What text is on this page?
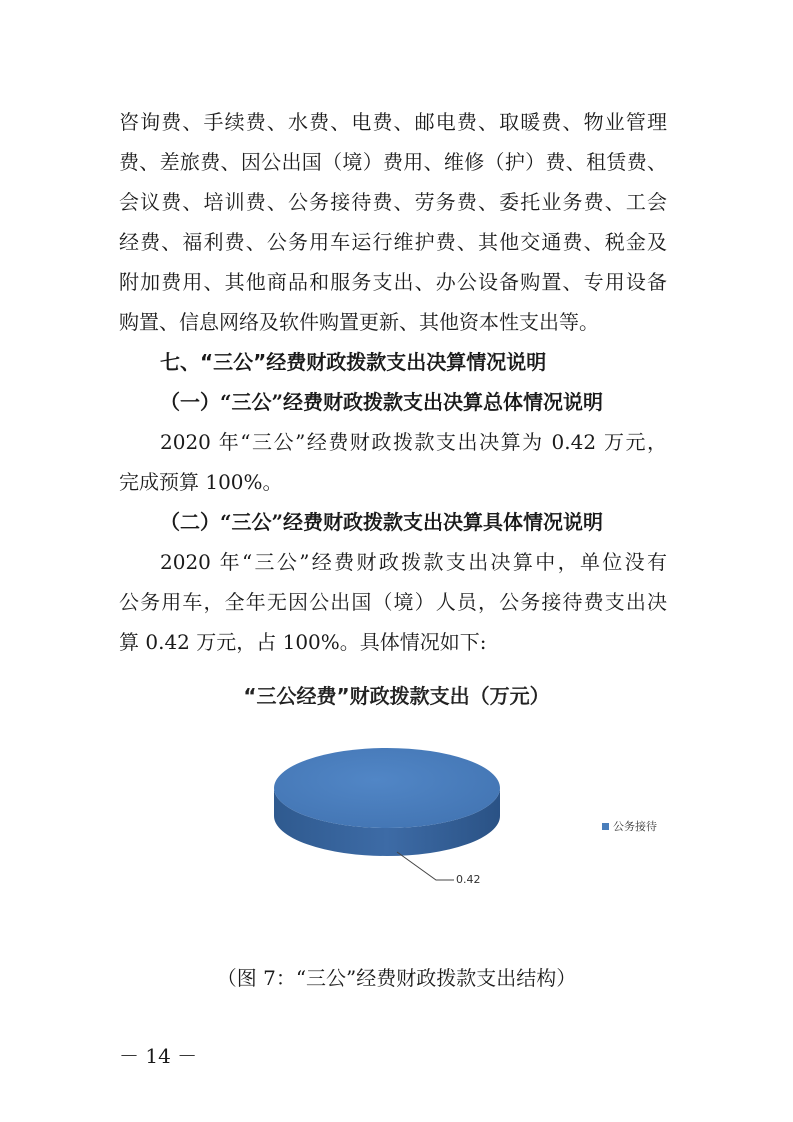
咨询费、手续费、水费、电费、邮电费、取暖费、物业管理
费、差旅费、因公出国（境）费用、维修（护）费、租赁费、
会议费、培训费、公务接待费、劳务费、委托业务费、工会
经费、福利费、公务用车运行维护费、其他交通费、税金及
附加费用、其他商品和服务支出、办公设备购置、专用设备
购置、信息网络及软件购置更新、其他资本性支出等。
七、“三公”经费财政拨款支出决算情况说明
（一）“三公”经费财政拨款支出决算总体情况说明
2020 年“三公”经费财政拨款支出决算为 0.42 万元，
完成预算 100%。
（二）“三公”经费财政拨款支出决算具体情况说明
2020 年“三公”经费财政拨款支出决算中，单位没有
公务用车，全年无因公出国（境）人员，公务接待费支出决
算 0.42 万元，占 100%。具体情况如下:
“三公经费”财政拨款支出（万元）
0.42
公务接待
（图 7：“三公”经费财政拨款支出结构）
－ 14 －
